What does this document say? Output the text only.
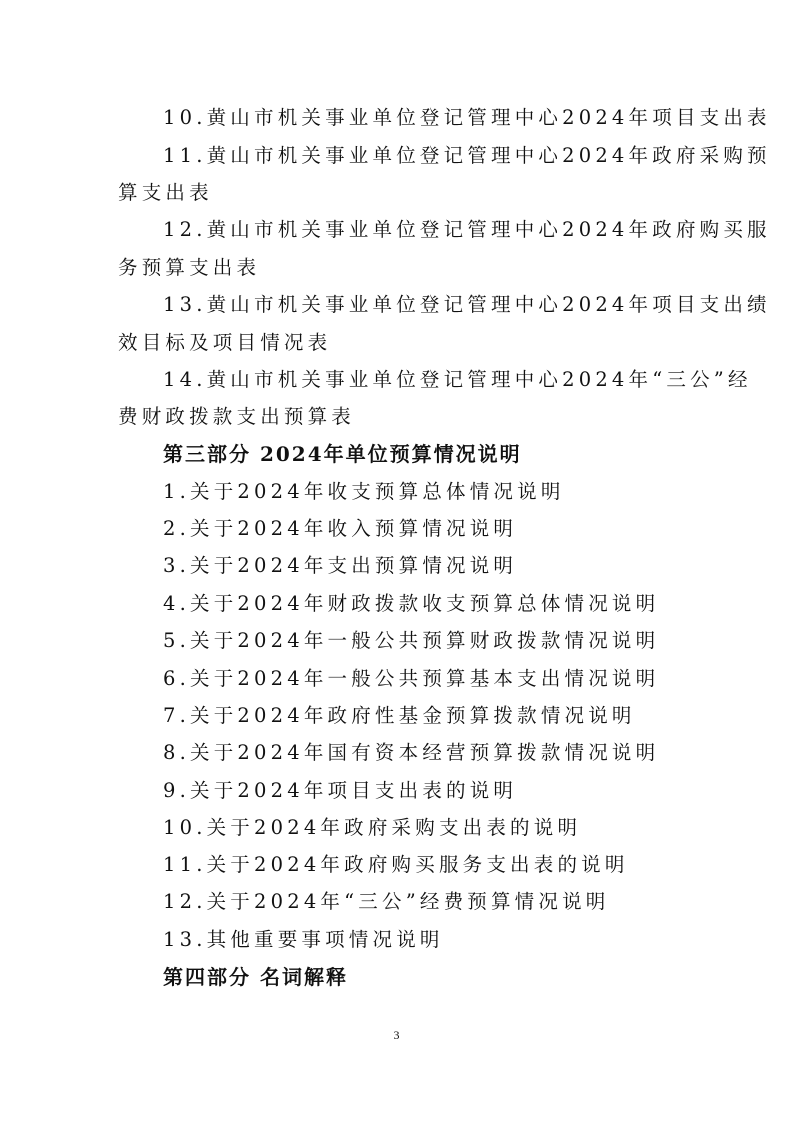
10.黄山市机关事业单位登记管理中心2024年项目支出表
11.黄山市机关事业单位登记管理中心2024年政府采购预
算支出表
12.黄山市机关事业单位登记管理中心2024年政府购买服
务预算支出表
13.黄山市机关事业单位登记管理中心2024年项目支出绩
效目标及项目情况表
14.黄山市机关事业单位登记管理中心2024年“三公”经
费财政拨款支出预算表
第三部分 2024年单位预算情况说明
1.关于2024年收支预算总体情况说明
2.关于2024年收入预算情况说明
3.关于2024年支出预算情况说明
4.关于2024年财政拨款收支预算总体情况说明
5.关于2024年一般公共预算财政拨款情况说明
6.关于2024年一般公共预算基本支出情况说明
7.关于2024年政府性基金预算拨款情况说明
8.关于2024年国有资本经营预算拨款情况说明
9.关于2024年项目支出表的说明
10.关于2024年政府采购支出表的说明
11.关于2024年政府购买服务支出表的说明
12.关于2024年“三公”经费预算情况说明
13.其他重要事项情况说明
第四部分 名词解释
3
